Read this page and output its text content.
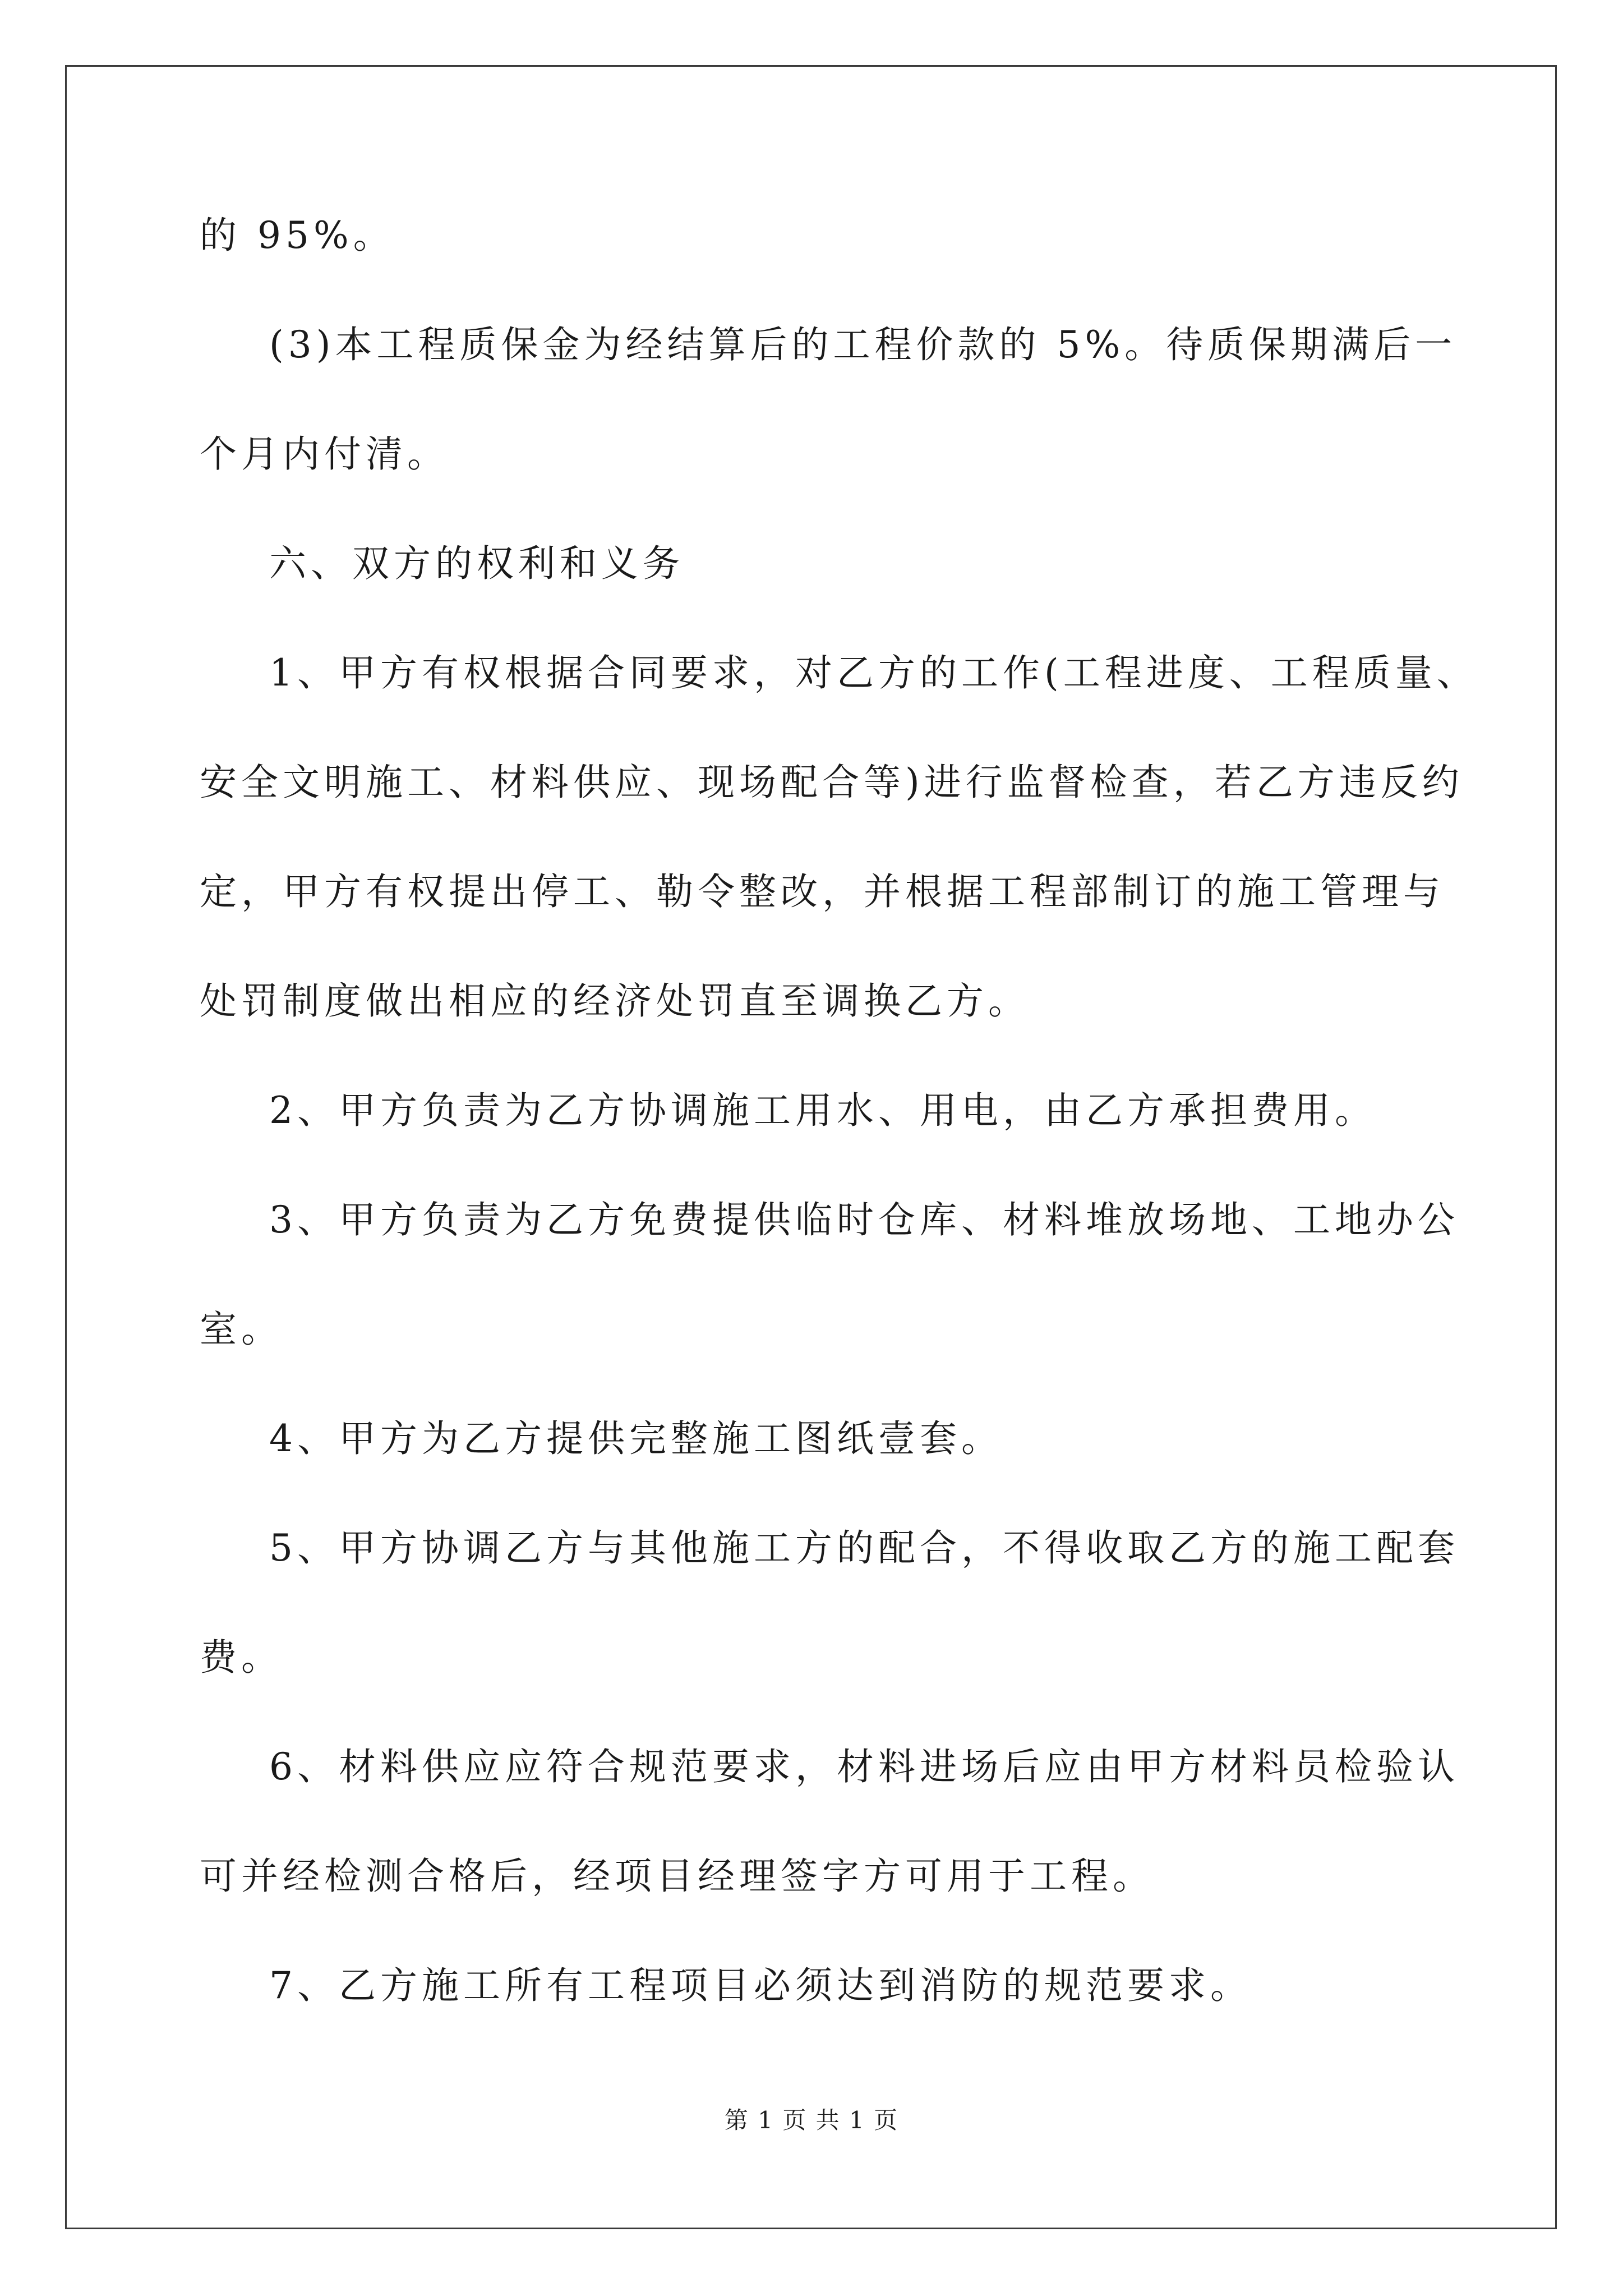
的 95%。
(3)本工程质保金为经结算后的工程价款的 5%。待质保期满后一
个月内付清。
六、双方的权利和义务
1、甲方有权根据合同要求，对乙方的工作(工程进度、工程质量、
安全文明施工、材料供应、现场配合等)进行监督检查，若乙方违反约
定，甲方有权提出停工、勒令整改，并根据工程部制订的施工管理与
处罚制度做出相应的经济处罚直至调换乙方。
2、甲方负责为乙方协调施工用水、用电，由乙方承担费用。
3、甲方负责为乙方免费提供临时仓库、材料堆放场地、工地办公
室。
4、甲方为乙方提供完整施工图纸壹套。
5、甲方协调乙方与其他施工方的配合，不得收取乙方的施工配套
费。
6、材料供应应符合规范要求，材料进场后应由甲方材料员检验认
可并经检测合格后，经项目经理签字方可用于工程。
7、乙方施工所有工程项目必须达到消防的规范要求。
第 1 页 共 1 页
